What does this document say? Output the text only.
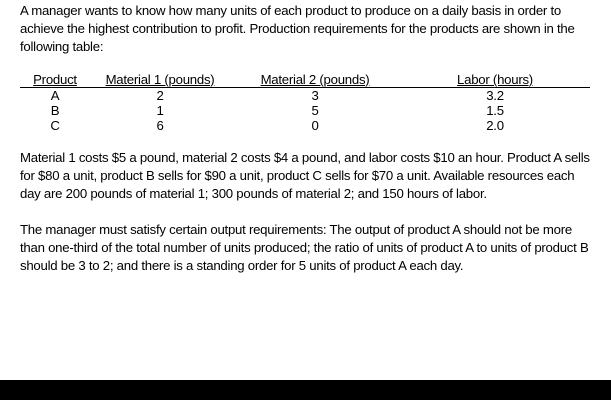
A manager wants to know how many units of each product to produce on a daily basis in order to achieve the highest contribution to profit. Production requirements for the products are shown in the following table:

Product	Material 1 (pounds)	Material 2 (pounds)	Labor (hours)
A	2	3	3.2
B	1	5	1.5
C	6	0	2.0

Material 1 costs $5 a pound, material 2 costs $4 a pound, and labor costs $10 an hour. Product A sells for $80 a unit, product B sells for $90 a unit, product C sells for $70 a unit. Available resources each day are 200 pounds of material 1; 300 pounds of material 2; and 150 hours of labor.

The manager must satisfy certain output requirements: The output of product A should not be more than one-third of the total number of units produced; the ratio of units of product A to units of product B should be 3 to 2; and there is a standing order for 5 units of product A each day.
